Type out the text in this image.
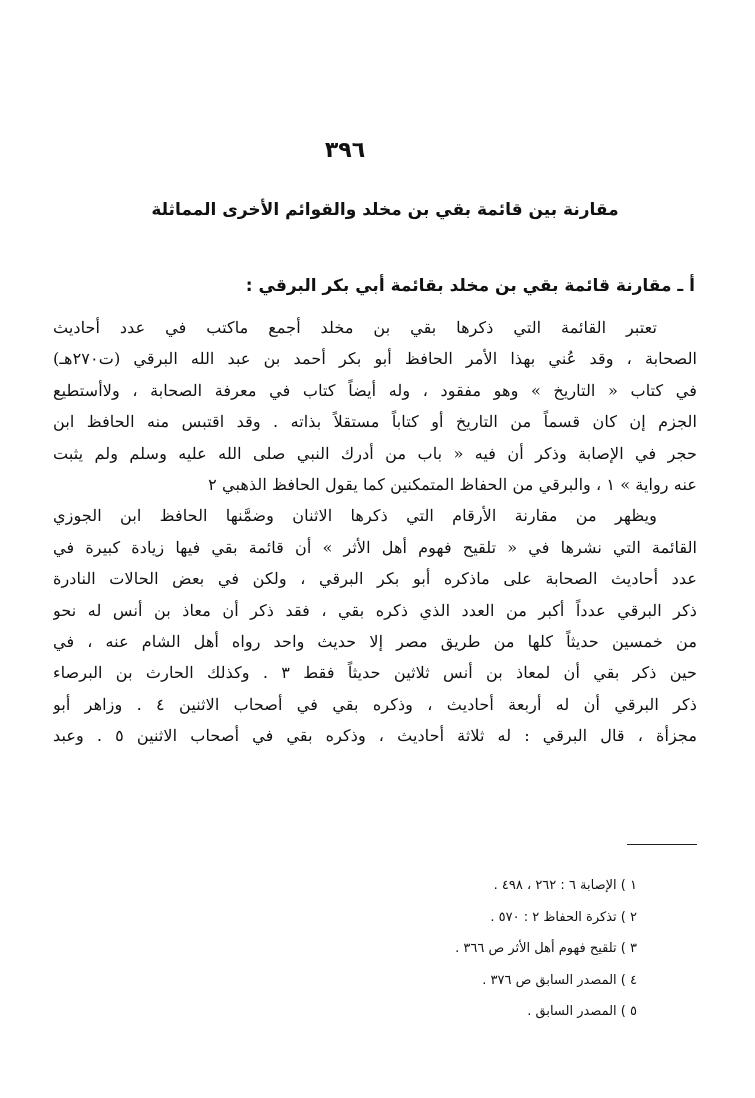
٣٩٦
مقارنة بين قائمة بقي بن مخلد والقوائم الأخرى المماثلة
أ ـ مقارنة قائمة بقي بن مخلد بقائمة أبي بكر البرقي :
تعتبر القائمة التي ذكرها بقي بن مخلد أجمع ماكتب في عدد أحاديث
الصحابة ، وقد عُني بهذا الأمر الحافظ أبو بكر أحمد بن عبد الله البرقي (ت٢٧٠هـ)
في كتاب « التاريخ » وهو مفقود ، وله أيضاً كتاب في معرفة الصحابة ، ولاأستطيع
الجزم إن كان قسماً من التاريخ أو كتاباً مستقلاً بذاته . وقد اقتبس منه الحافظ ابن
حجر في الإصابة وذكر أن فيه « باب من أدرك النبي صلى الله عليه وسلم ولم يثبت
عنه رواية » ١ ، والبرقي من الحفاظ المتمكنين كما يقول الحافظ الذهبي ٢
ويظهر من مقارنة الأرقام التي ذكرها الاثنان وضمَّنها الحافظ ابن الجوزي
القائمة التي نشرها في « تلقيح فهوم أهل الأثر » أن قائمة بقي فيها زيادة كبيرة في
عدد أحاديث الصحابة على ماذكره أبو بكر البرقي ، ولكن في بعض الحالات النادرة
ذكر البرقي عدداً أكبر من العدد الذي ذكره بقي ، فقد ذكر أن معاذ بن أنس له نحو
من خمسين حديثاً كلها من طريق مصر إلا حديث واحد رواه أهل الشام عنه ، في
حين ذكر بقي أن لمعاذ بن أنس ثلاثين حديثاً فقط ٣ . وكذلك الحارث بن البرصاء
ذكر البرقي أن له أربعة أحاديث ، وذكره بقي في أصحاب الاثنين ٤ . وزاهر أبو
مجزأة ، قال البرقي : له ثلاثة أحاديث ، وذكره بقي في أصحاب الاثنين ٥ . وعبد
١ ) الإصابة ٦ : ٢٦٢ ، ٤٩٨ .
٢ ) تذكرة الحفاظ ٢ : ٥٧٠ .
٣ ) تلقيح فهوم أهل الأثر ص ٣٦٦ .
٤ ) المصدر السابق ص ٣٧٦ .
٥ ) المصدر السابق .
